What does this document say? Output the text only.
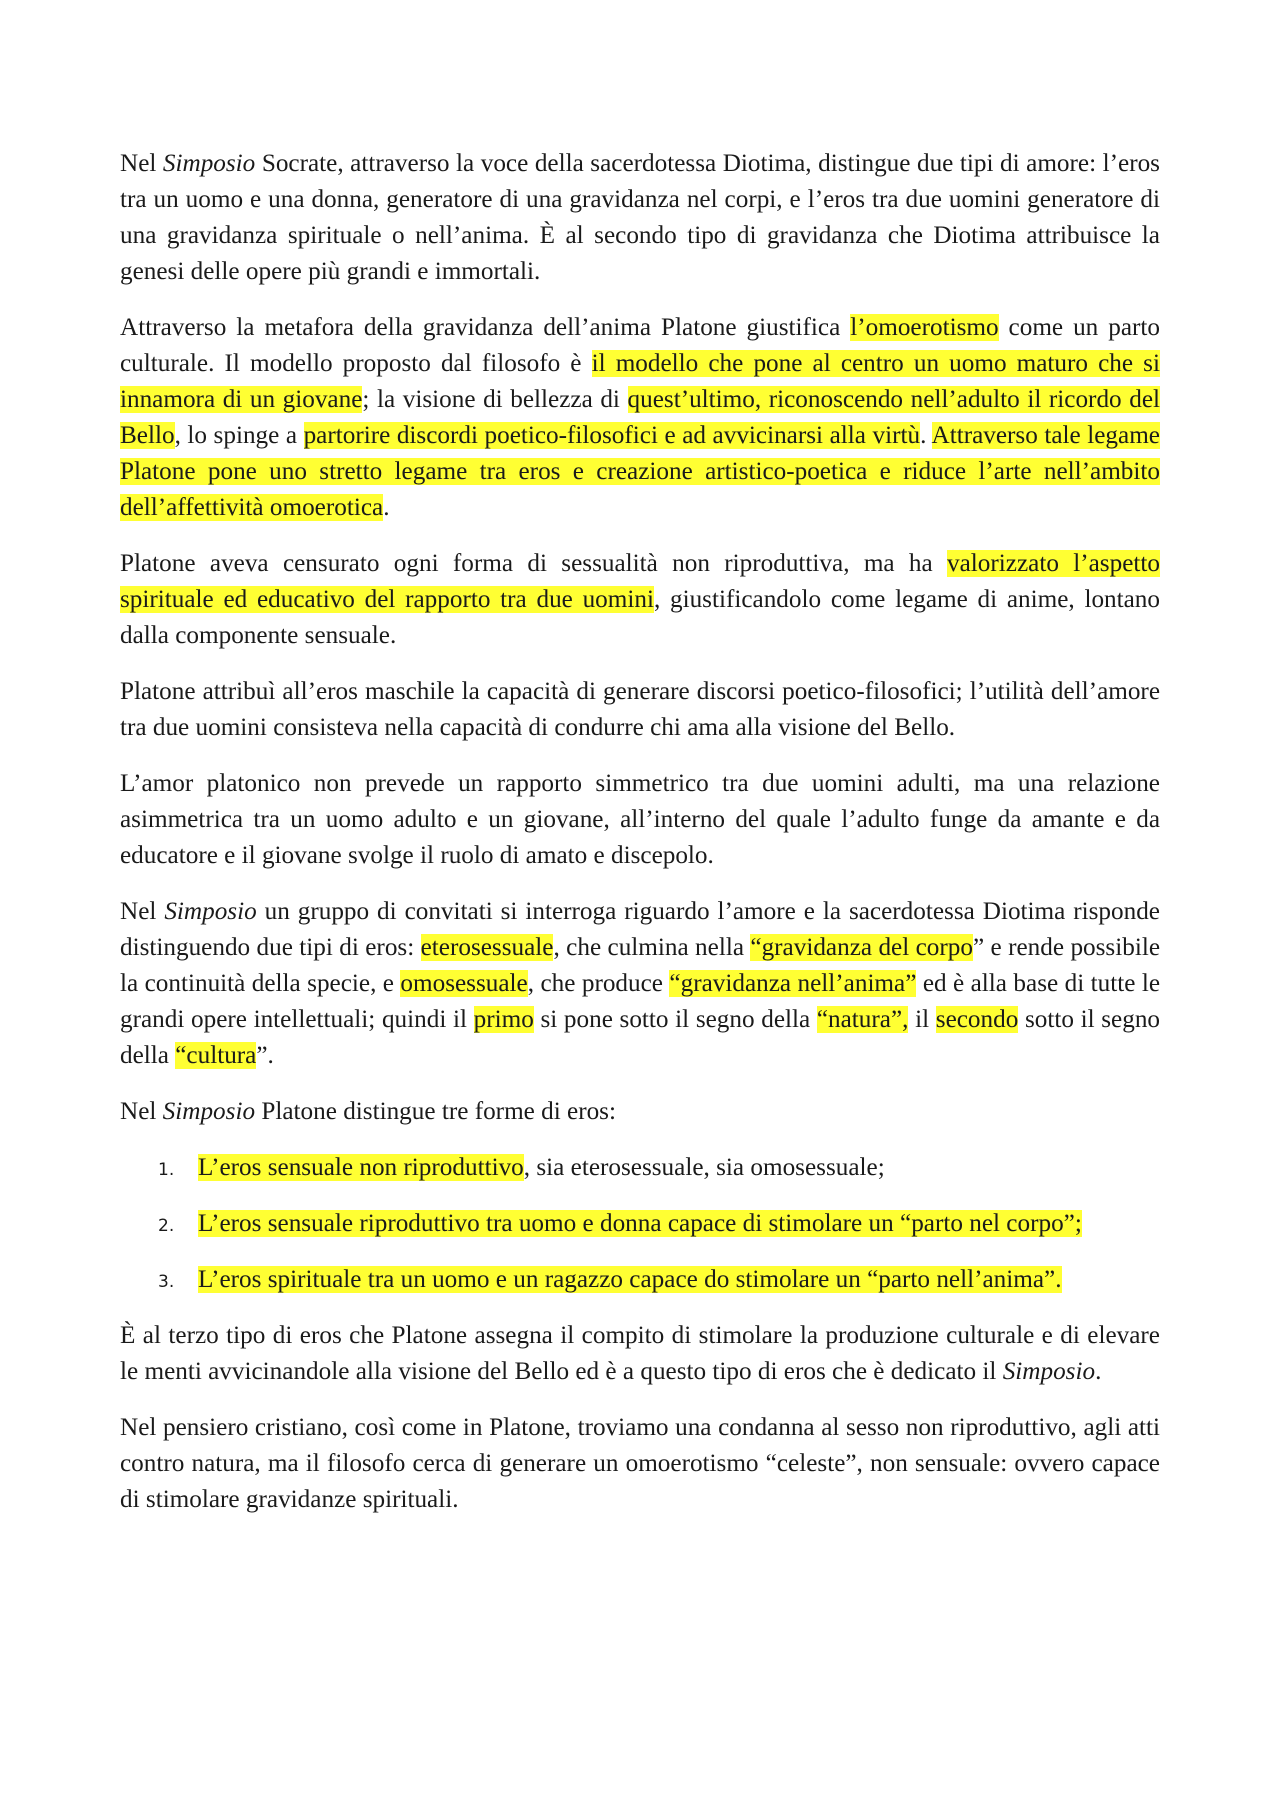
Nel Simposio Socrate, attraverso la voce della sacerdotessa Diotima, distingue due tipi di amore: l’eros tra un uomo e una donna, generatore di una gravidanza nel corpi, e l’eros tra due uomini generatore di una gravidanza spirituale o nell’anima. È al secondo tipo di gravidanza che Diotima attribuisce la genesi delle opere più grandi e immortali.

Attraverso la metafora della gravidanza dell’anima Platone giustifica l’omoerotismo come un parto culturale. Il modello proposto dal filosofo è il modello che pone al centro un uomo maturo che si innamora di un giovane; la visione di bellezza di quest’ultimo, riconoscendo nell’adulto il ricordo del Bello, lo spinge a partorire discordi poetico-filosofici e ad avvicinarsi alla virtù. Attraverso tale legame Platone pone uno stretto legame tra eros e creazione artistico-poetica e riduce l’arte nell’ambito dell’affettività omoerotica.

Platone aveva censurato ogni forma di sessualità non riproduttiva, ma ha valorizzato l’aspetto spirituale ed educativo del rapporto tra due uomini, giustificandolo come legame di anime, lontano dalla componente sensuale.

Platone attribuì all’eros maschile la capacità di generare discorsi poetico-filosofici; l’utilità dell’amore tra due uomini consisteva nella capacità di condurre chi ama alla visione del Bello.

L’amor platonico non prevede un rapporto simmetrico tra due uomini adulti, ma una relazione asimmetrica tra un uomo adulto e un giovane, all’interno del quale l’adulto funge da amante e da educatore e il giovane svolge il ruolo di amato e discepolo.

Nel Simposio un gruppo di convitati si interroga riguardo l’amore e la sacerdotessa Diotima risponde distinguendo due tipi di eros: eterosessuale, che culmina nella “gravidanza del corpo” e rende possibile la continuità della specie, e omosessuale, che produce “gravidanza nell’anima” ed è alla base di tutte le grandi opere intellettuali; quindi il primo si pone sotto il segno della “natura”, il secondo sotto il segno della “cultura”.

Nel Simposio Platone distingue tre forme di eros:

1. L’eros sensuale non riproduttivo, sia eterosessuale, sia omosessuale;
2. L’eros sensuale riproduttivo tra uomo e donna capace di stimolare un “parto nel corpo”;
3. L’eros spirituale tra un uomo e un ragazzo capace do stimolare un “parto nell’anima”.

È al terzo tipo di eros che Platone assegna il compito di stimolare la produzione culturale e di elevare le menti avvicinandole alla visione del Bello ed è a questo tipo di eros che è dedicato il Simposio.

Nel pensiero cristiano, così come in Platone, troviamo una condanna al sesso non riproduttivo, agli atti contro natura, ma il filosofo cerca di generare un omoerotismo “celeste”, non sensuale: ovvero capace di stimolare gravidanze spirituali.
